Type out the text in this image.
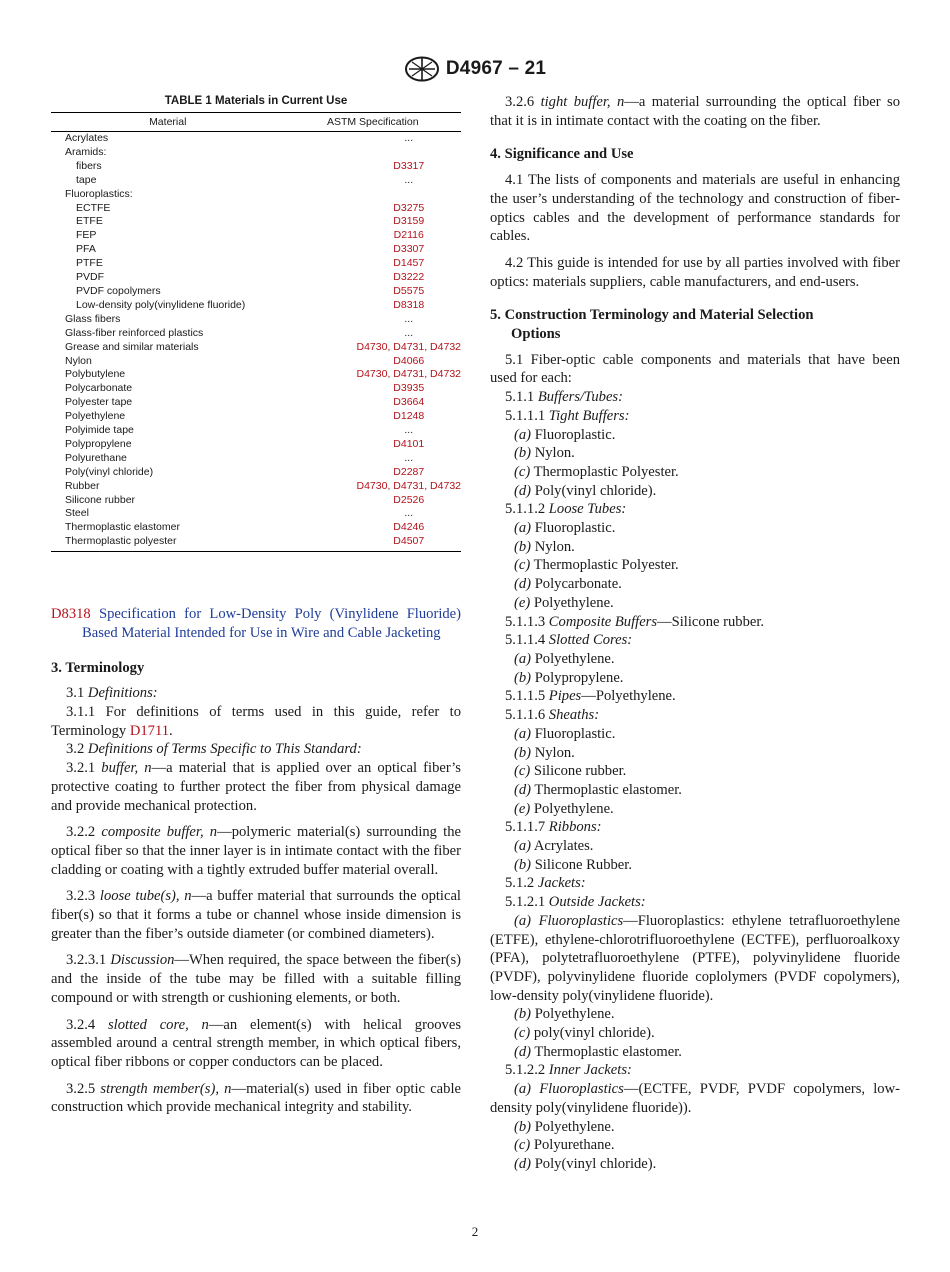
D4967 – 21
TABLE 1 Materials in Current Use
Material	ASTM Specification
Acrylates	...
Aramids:	
fibers	D3317
tape	...
Fluoroplastics:	
ECTFE	D3275
ETFE	D3159
FEP	D2116
PFA	D3307
PTFE	D1457
PVDF	D3222
PVDF copolymers	D5575
Low-density poly(vinylidene fluoride)	D8318
Glass fibers	...
Glass-fiber reinforced plastics	...
Grease and similar materials	D4730, D4731, D4732
Nylon	D4066
Polybutylene	D4730, D4731, D4732
Polycarbonate	D3935
Polyester tape	D3664
Polyethylene	D1248
Polyimide tape	...
Polypropylene	D4101
Polyurethane	...
Poly(vinyl chloride)	D2287
Rubber	D4730, D4731, D4732
Silicone rubber	D2526
Steel	...
Thermoplastic elastomer	D4246
Thermoplastic polyester	D4507
D8318 Specification for Low-Density Poly (Vinylidene Fluoride) Based Material Intended for Use in Wire and Cable Jacketing
3. Terminology

3.1 Definitions:

3.1.1 For definitions of terms used in this guide, refer to Terminology D1711.

3.2 Definitions of Terms Specific to This Standard:

3.2.1 buffer, n—a material that is applied over an optical fiber’s protective coating to further protect the fiber from physical damage and provide mechanical protection.

3.2.2 composite buffer, n—polymeric material(s) surrounding the optical fiber so that the inner layer is in intimate contact with the fiber cladding or coating with a tightly extruded buffer material overall.

3.2.3 loose tube(s), n—a buffer material that surrounds the optical fiber(s) so that it forms a tube or channel whose inside dimension is greater than the fiber’s outside diameter (or combined diameters).

3.2.3.1 Discussion—When required, the space between the fiber(s) and the inside of the tube may be filled with a suitable filling compound or with strength or cushioning elements, or both.

3.2.4 slotted core, n—an element(s) with helical grooves assembled around a central strength member, in which optical fibers, optical fiber ribbons or copper conductors can be placed.

3.2.5 strength member(s), n—material(s) used in fiber optic cable construction which provide mechanical integrity and stability.

3.2.6 tight buffer, n—a material surrounding the optical fiber so that it is in intimate contact with the coating on the fiber.

4. Significance and Use

4.1 The lists of components and materials are useful in enhancing the user’s understanding of the technology and construction of fiber-optics cables and the development of performance standards for cables.

4.2 This guide is intended for use by all parties involved with fiber optics: materials suppliers, cable manufacturers, and end-users.

5. Construction Terminology and Material Selection
Options

5.1 Fiber-optic cable components and materials that have been used for each:

5.1.1 Buffers/Tubes:

5.1.1.1 Tight Buffers:

(a) Fluoroplastic.

(b) Nylon.

(c) Thermoplastic Polyester.

(d) Poly(vinyl chloride).

5.1.1.2 Loose Tubes:

(a) Fluoroplastic.

(b) Nylon.

(c) Thermoplastic Polyester.

(d) Polycarbonate.

(e) Polyethylene.

5.1.1.3 Composite Buffers—Silicone rubber.

5.1.1.4 Slotted Cores:

(a) Polyethylene.

(b) Polypropylene.

5.1.1.5 Pipes—Polyethylene.

5.1.1.6 Sheaths:

(a) Fluoroplastic.

(b) Nylon.

(c) Silicone rubber.

(d) Thermoplastic elastomer.

(e) Polyethylene.

5.1.1.7 Ribbons:

(a) Acrylates.

(b) Silicone Rubber.

5.1.2 Jackets:

5.1.2.1 Outside Jackets:

(a) Fluoroplastics—Fluoroplastics: ethylene tetrafluoroethylene (ETFE), ethylene-chlorotrifluoroethylene (ECTFE), perfluoroalkoxy (PFA), polytetrafluoroethylene (PTFE), polyvinylidene fluoride (PVDF), polyvinylidene fluoride coplolymers (PVDF copolymers), low-density poly(vinylidene fluoride).

(b) Polyethylene.

(c) poly(vinyl chloride).

(d) Thermoplastic elastomer.

5.1.2.2 Inner Jackets:

(a) Fluoroplastics—(ECTFE, PVDF, PVDF copolymers, low-density poly(vinylidene fluoride)).

(b) Polyethylene.

(c) Polyurethane.

(d) Poly(vinyl chloride).

2
